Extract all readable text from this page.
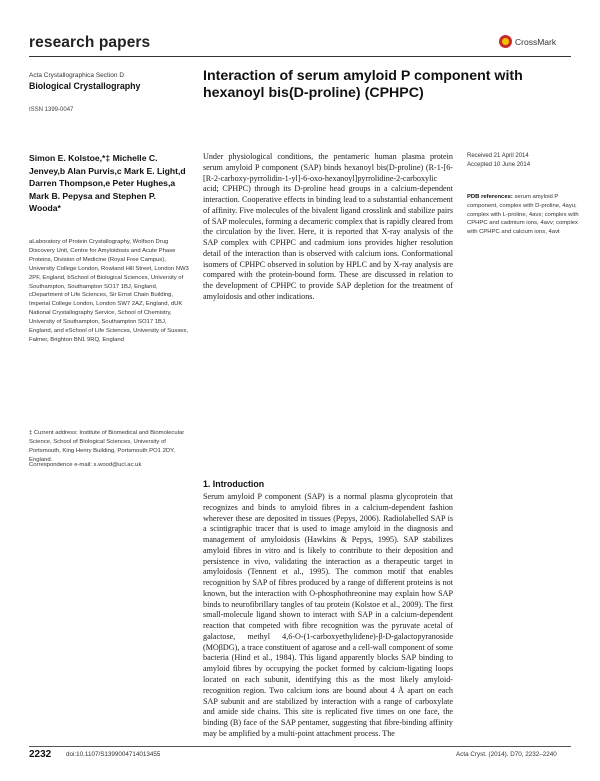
research papers	CrossMark
Acta Crystallographica Section D
Biological Crystallography
ISSN 1399-0047
Interaction of serum amyloid P component with hexanoyl bis(D-proline) (CPHPC)
Simon E. Kolstoe,*‡ Michelle C. Jenvey,b Alan Purvis,c Mark E. Light,d Darren Thompson,e Peter Hughes,a Mark B. Pepysa and Stephen P. Wooda*
aLaboratory of Protein Crystallography, Wolfson Drug Discovery Unit, Centre for Amyloidosis and Acute Phase Proteins, Division of Medicine (Royal Free Campus), University College London, Rowland Hill Street, London NW3 2PF, England, bSchool of Biological Sciences, University of Southampton, Southampton SO17 1BJ, England, cDepartment of Life Sciences, Sir Ernst Chain Building, Imperial College London, London SW7 2AZ, England, dUK National Crystallography Service, School of Chemistry, University of Southampton, Southampton SO17 1BJ, England, and eSchool of Life Sciences, University of Sussex, Falmer, Brighton BN1 9RQ, England
‡ Current address: Institute of Biomedical and Biomolecular Science, School of Biological Sciences, University of Portsmouth, King Henry Building, Portsmouth PO1 2DY, England.
Correspondence e-mail: s.wood@ucl.ac.uk
Received 21 April 2014
Accepted 10 June 2014
PDB references: serum amyloid P component, complex with D-proline, 4ayu; complex with L-proline, 4avs; complex with CPHPC and cadmium ions, 4avv; complex with CPHPC and calcium ions, 4avt
Under physiological conditions, the pentameric human plasma protein serum amyloid P component (SAP) binds hexanoyl bis(D-proline) (R-1-[6-[R-2-carboxy-pyrrolidin-1-yl]-6-oxo-hexanoyl]pyrrolidine-2-carboxylic acid; CPHPC) through its D-proline head groups in a calcium-dependent interaction. Cooperative effects in binding lead to a substantial enhancement of affinity. Five molecules of the bivalent ligand crosslink and stabilize pairs of SAP molecules, forming a decameric complex that is rapidly cleared from the circulation by the liver. Here, it is reported that X-ray analysis of the SAP complex with CPHPC and cadmium ions provides higher resolution detail of the interaction than is observed with calcium ions. Conformational isomers of CPHPC observed in solution by HPLC and by X-ray analysis are compared with the protein-bound form. These are discussed in relation to the development of CPHPC to provide SAP depletion for the treatment of amyloidosis and other indications.
1. Introduction
Serum amyloid P component (SAP) is a normal plasma glycoprotein that recognizes and binds to amyloid fibres in a calcium-dependent fashion wherever these are deposited in tissues (Pepys, 2006). Radiolabelled SAP is a scintigraphic tracer that is used to image amyloid in the diagnosis and management of amyloidosis (Hawkins & Pepys, 1995). SAP stabilizes amyloid fibres in vitro and is likely to contribute to their deposition and persistence in vivo, validating the interaction as a therapeutic target in amyloidosis (Tennent et al., 1995). The common motif that enables recognition by SAP of fibres produced by a range of different proteins is not known, but the interaction with O-phosphothreonine may explain how SAP binds to neurofibrillary tangles of tau protein (Kolstoe et al., 2009). The first small-molecule ligand shown to interact with SAP in a calcium-dependent reaction that competed with fibre recognition was the pyruvate acetal of galactose, methyl 4,6-O-(1-carboxyethylidene)-β-D-galactopyranoside (MOβDG), a trace constituent of agarose and a cell-wall component of some bacteria (Hind et al., 1984). This ligand apparently blocks SAP binding to amyloid fibres by occupying the pocket formed by calcium-ligating loops located on each subunit, identifying this as the most likely amyloid-recognition region. Two calcium ions are bound about 4 Å apart on each SAP subunit and are stabilized by interaction with a range of carboxylate and amide side chains. This site is replicated five times on one face, the binding (B) face of the SAP pentamer, suggesting that fibre-binding affinity may be amplified by a multi-point attachment process. The
2232 doi:10.1107/S1399004714013455	Acta Cryst. (2014). D70, 2232–2240
